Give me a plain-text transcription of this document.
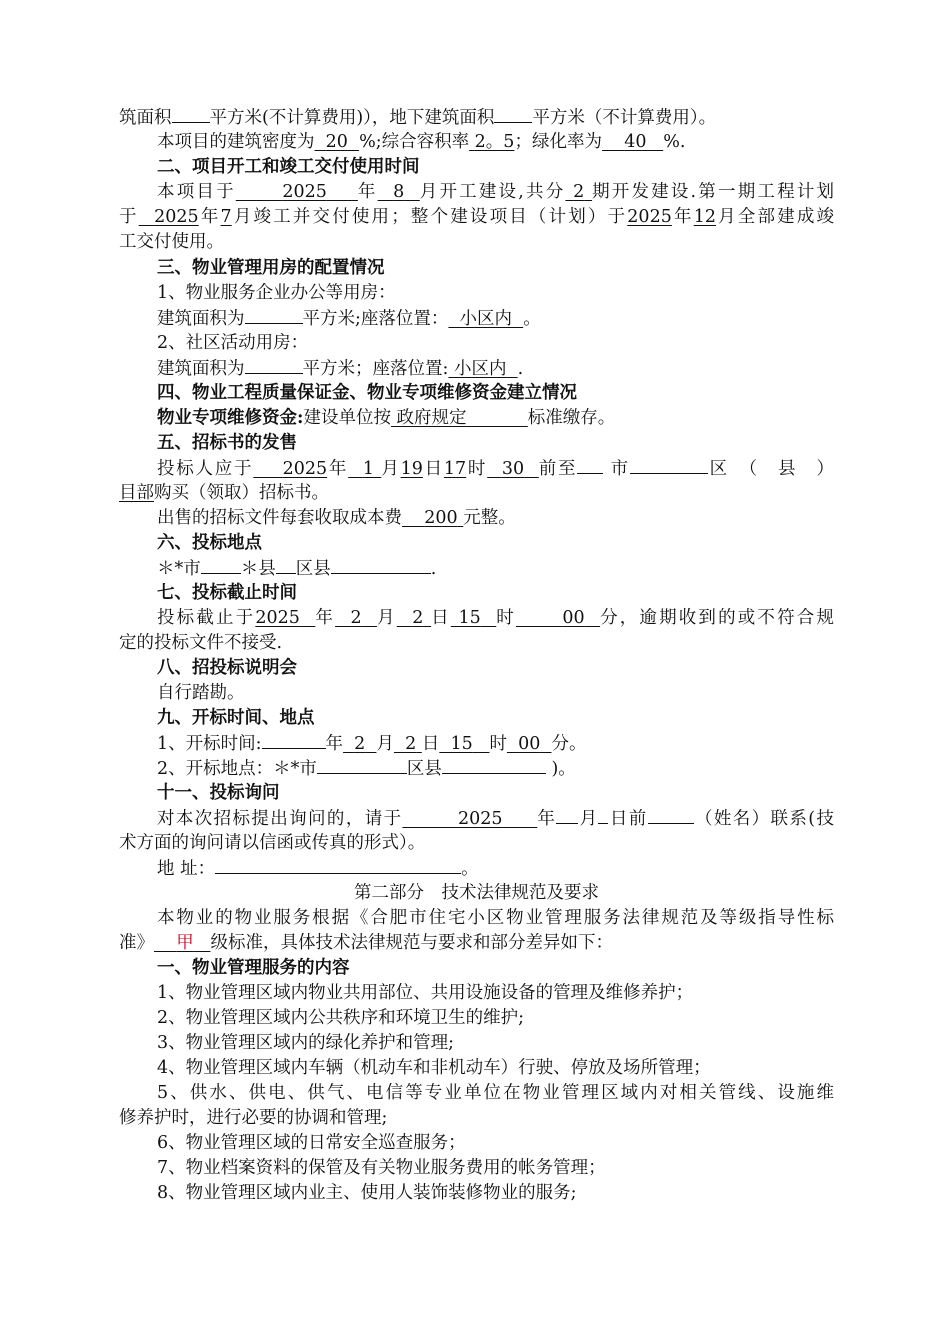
筑面积 平方米(不计算费用)），地下建筑面积 平方米（不计算费用）。
本项目的建筑密度为 20 %;综合容积率 2。5；绿化率为 40 %.
二、项目开工和竣工交付使用时间
本项目于	2025 年 8 月开工建设,共分 2 期开发建设.第一期工程计划
于 2025年7月竣工并交付使用；整个建设项目（计划）于2025年12月全部建成竣
工交付使用。
三、物业管理用房的配置情况
1、物业服务企业办公等用房：
建筑面积为	平方米;座落位置： 小区内 。
2、社区活动用房：
建筑面积为	平方米；座落位置: 小区内 .
四、物业工程质量保证金、物业专项维修资金建立情况
物业专项维修资金:建设单位按 政府规定	标准缴存。
五、招标书的发售
投标人应于 2025年 1 月19日17时 30 前至 市	区　（　县　）
目部购买（领取）招标书。
出售的招标文件每套收取成本费 200 元整。
六、投标地点
＊*市 ＊县 区县	.
七、投标截止时间
投标截止于2025 年 2 月 2 日 15 时	00 分，逾期收到的或不符合规
定的投标文件不接受.
八、招投标说明会
自行踏勘。
九、开标时间、地点
1、开标时间:	年 2 月 2 日 15 时 00 分。
2、开标地点：＊*市	区县	)。
十一、投标询问
对本次招标提出询问的，请于	2025 年 月 日前	（姓名）联系(技
术方面的询问请以信函或传真的形式）。
地 址：	。
第二部分　技术法律规范及要求
本物业的物业服务根据《合肥市住宅小区物业管理服务法律规范及等级指导性标
准》 甲 级标准，具体技术法律规范与要求和部分差异如下：
一、物业管理服务的内容
1、物业管理区域内物业共用部位、共用设施设备的管理及维修养护；
2、物业管理区域内公共秩序和环境卫生的维护;
3、物业管理区域内的绿化养护和管理;
4、物业管理区域内车辆（机动车和非机动车）行驶、停放及场所管理；
5、供水、供电、供气、电信等专业单位在物业管理区域内对相关管线、设施维
修养护时，进行必要的协调和管理;
6、物业管理区域的日常安全巡查服务；
7、物业档案资料的保管及有关物业服务费用的帐务管理；
8、物业管理区域内业主、使用人装饰装修物业的服务;
